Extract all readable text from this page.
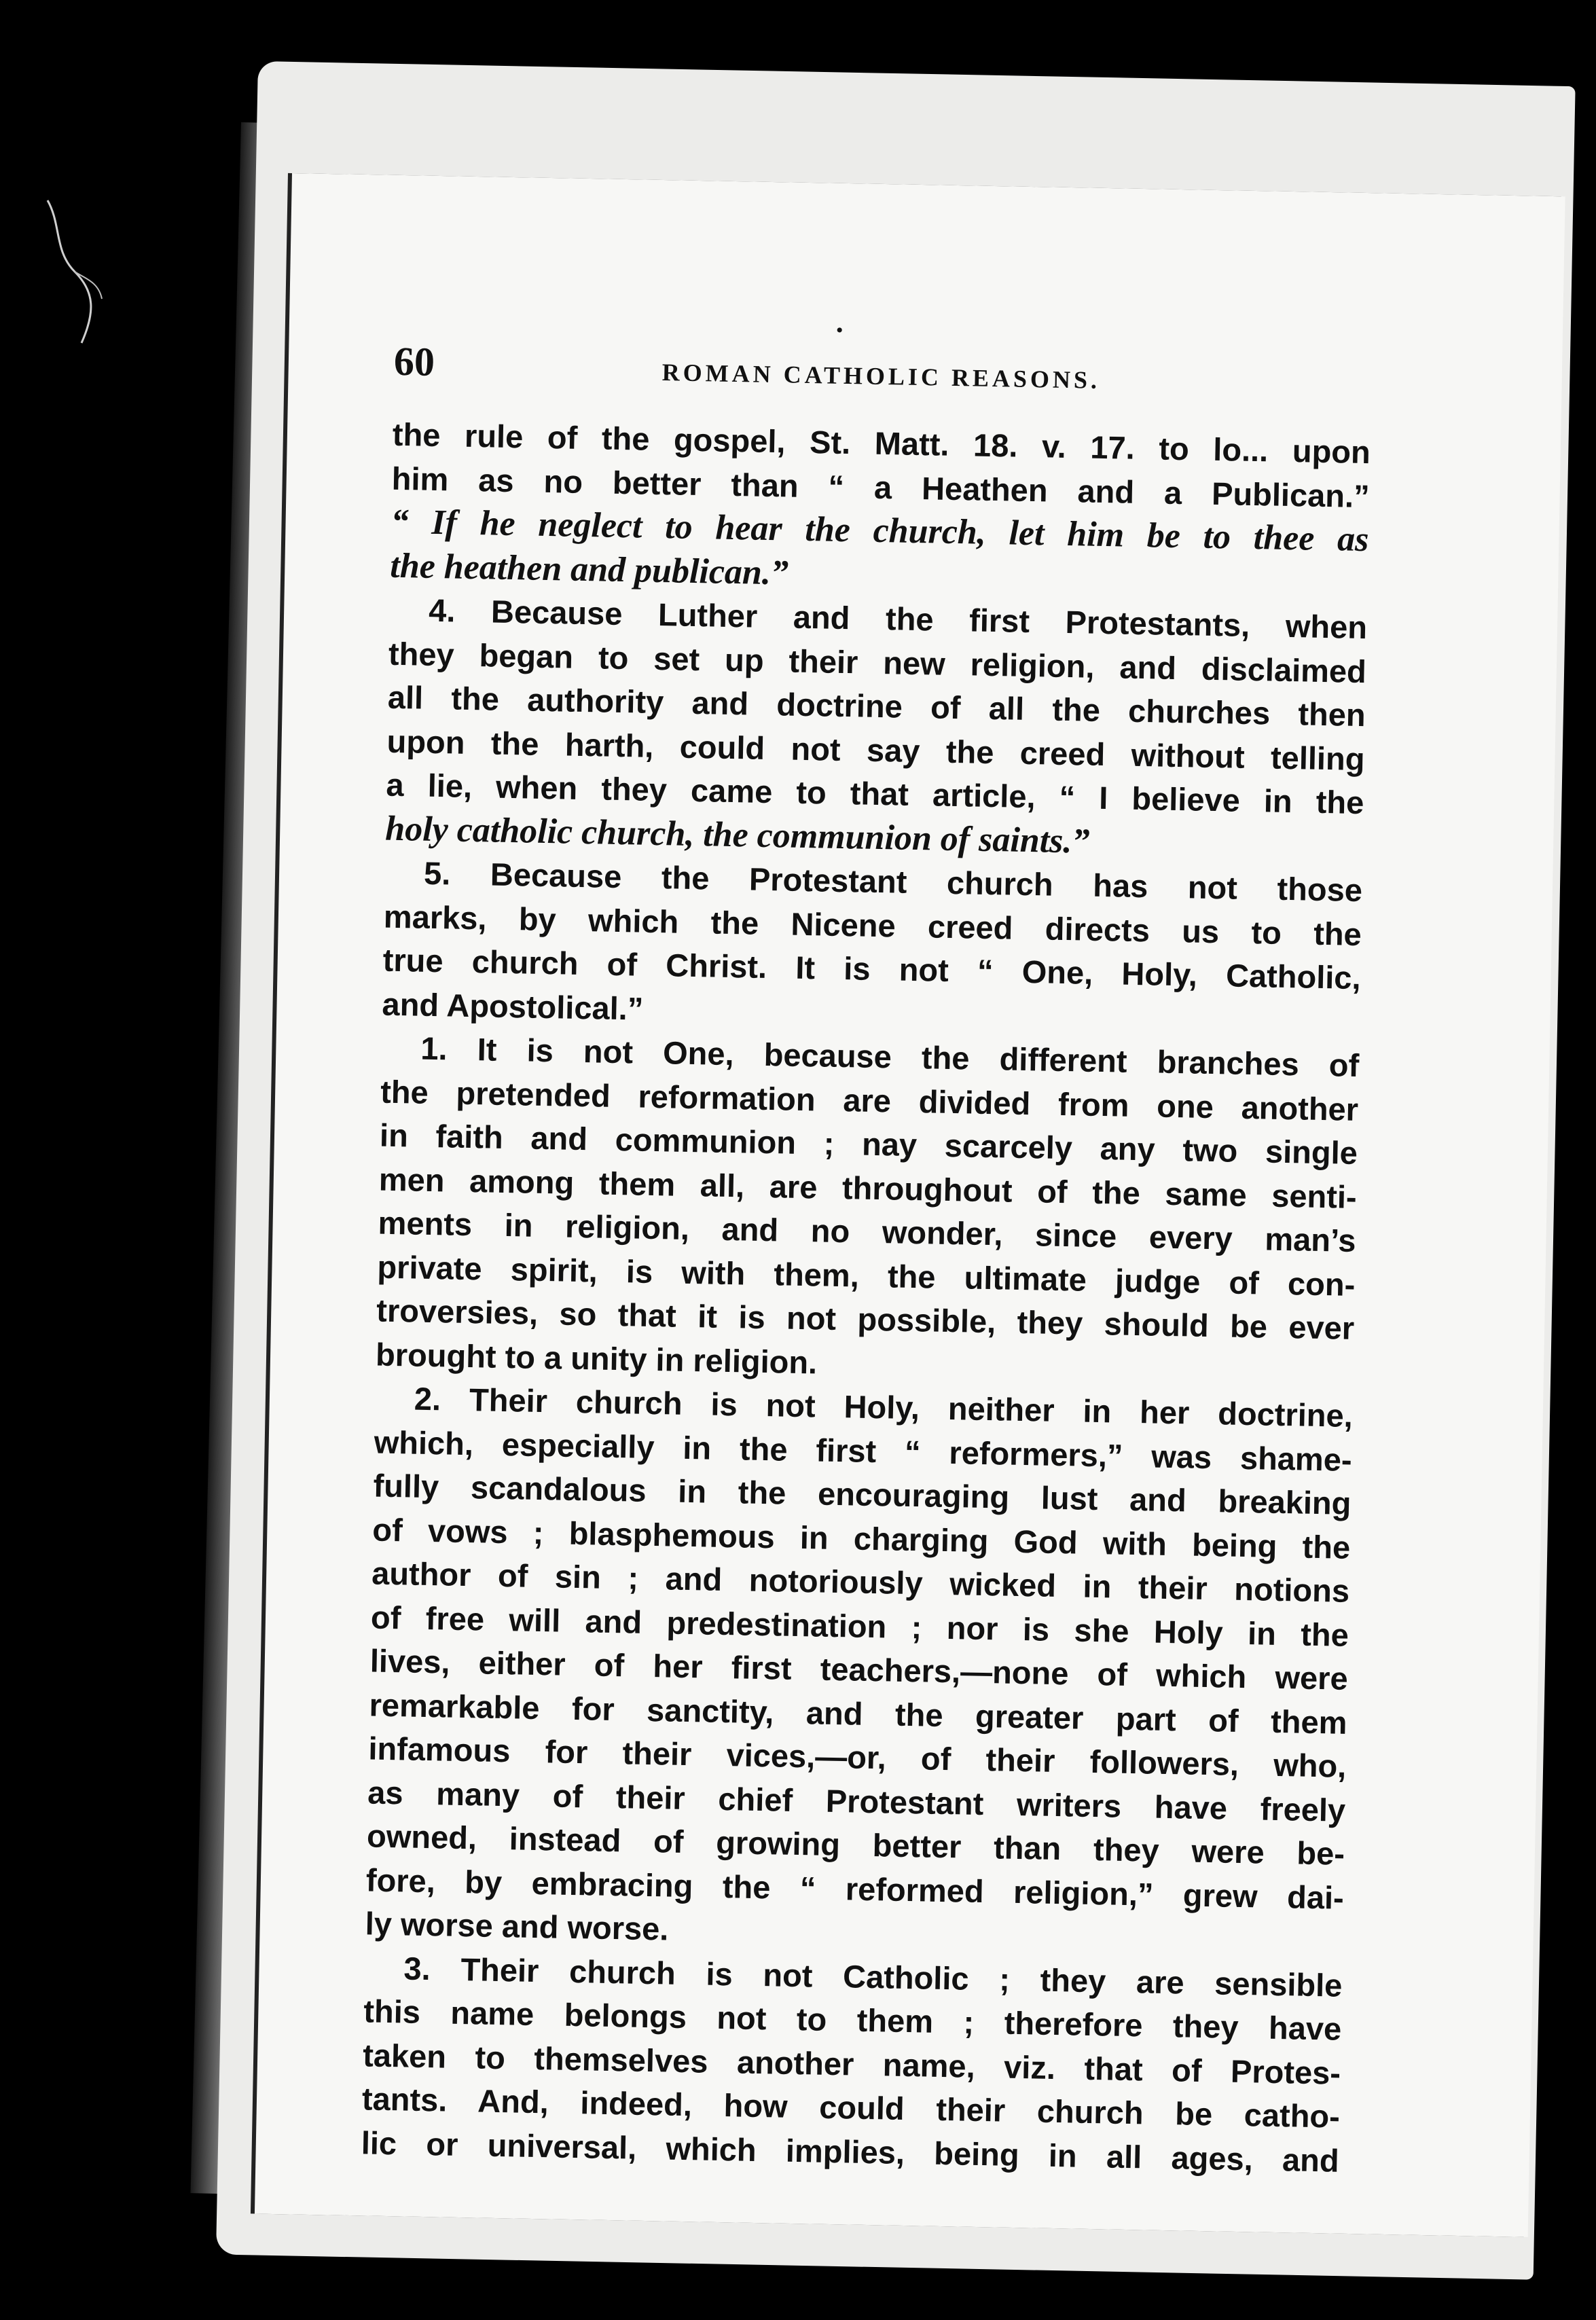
60
•
ROMAN CATHOLIC REASONS.
the rule of the gospel, St. Matt. 18. v. 17. to lo... upon
him as no better than “ a Heathen and a Publican.”
“ If he neglect to hear the church, let him be to thee as
the heathen and publican.”
4. Because Luther and the first Protestants, when
they began to set up their new religion, and disclaimed
all the authority and doctrine of all the churches then
upon the harth, could not say the creed without telling
a lie, when they came to that article, “ I believe in the
holy catholic church, the communion of saints.”
5. Because the Protestant church has not those
marks, by which the Nicene creed directs us to the
true church of Christ. It is not “ One, Holy, Catholic,
and Apostolical.”
1. It is not One, because the different branches of
the pretended reformation are divided from one another
in faith and communion ; nay scarcely any two single
men among them all, are throughout of the same senti-
ments in religion, and no wonder, since every man’s
private spirit, is with them, the ultimate judge of con-
troversies, so that it is not possible, they should be ever
brought to a unity in religion.
2. Their church is not Holy, neither in her doctrine,
which, especially in the first “ reformers,” was shame-
fully scandalous in the encouraging lust and breaking
of vows ; blasphemous in charging God with being the
author of sin ; and notoriously wicked in their notions
of free will and predestination ; nor is she Holy in the
lives, either of her first teachers,—none of which were
remarkable for sanctity, and the greater part of them
infamous for their vices,—or, of their followers, who,
as many of their chief Protestant writers have freely
owned, instead of growing better than they were be-
fore, by embracing the “ reformed religion,” grew dai-
ly worse and worse.
3. Their church is not Catholic ; they are sensible
this name belongs not to them ; therefore they have
taken to themselves another name, viz. that of Protes-
tants. And, indeed, how could their church be catho-
lic or universal, which implies, being in all ages, and
